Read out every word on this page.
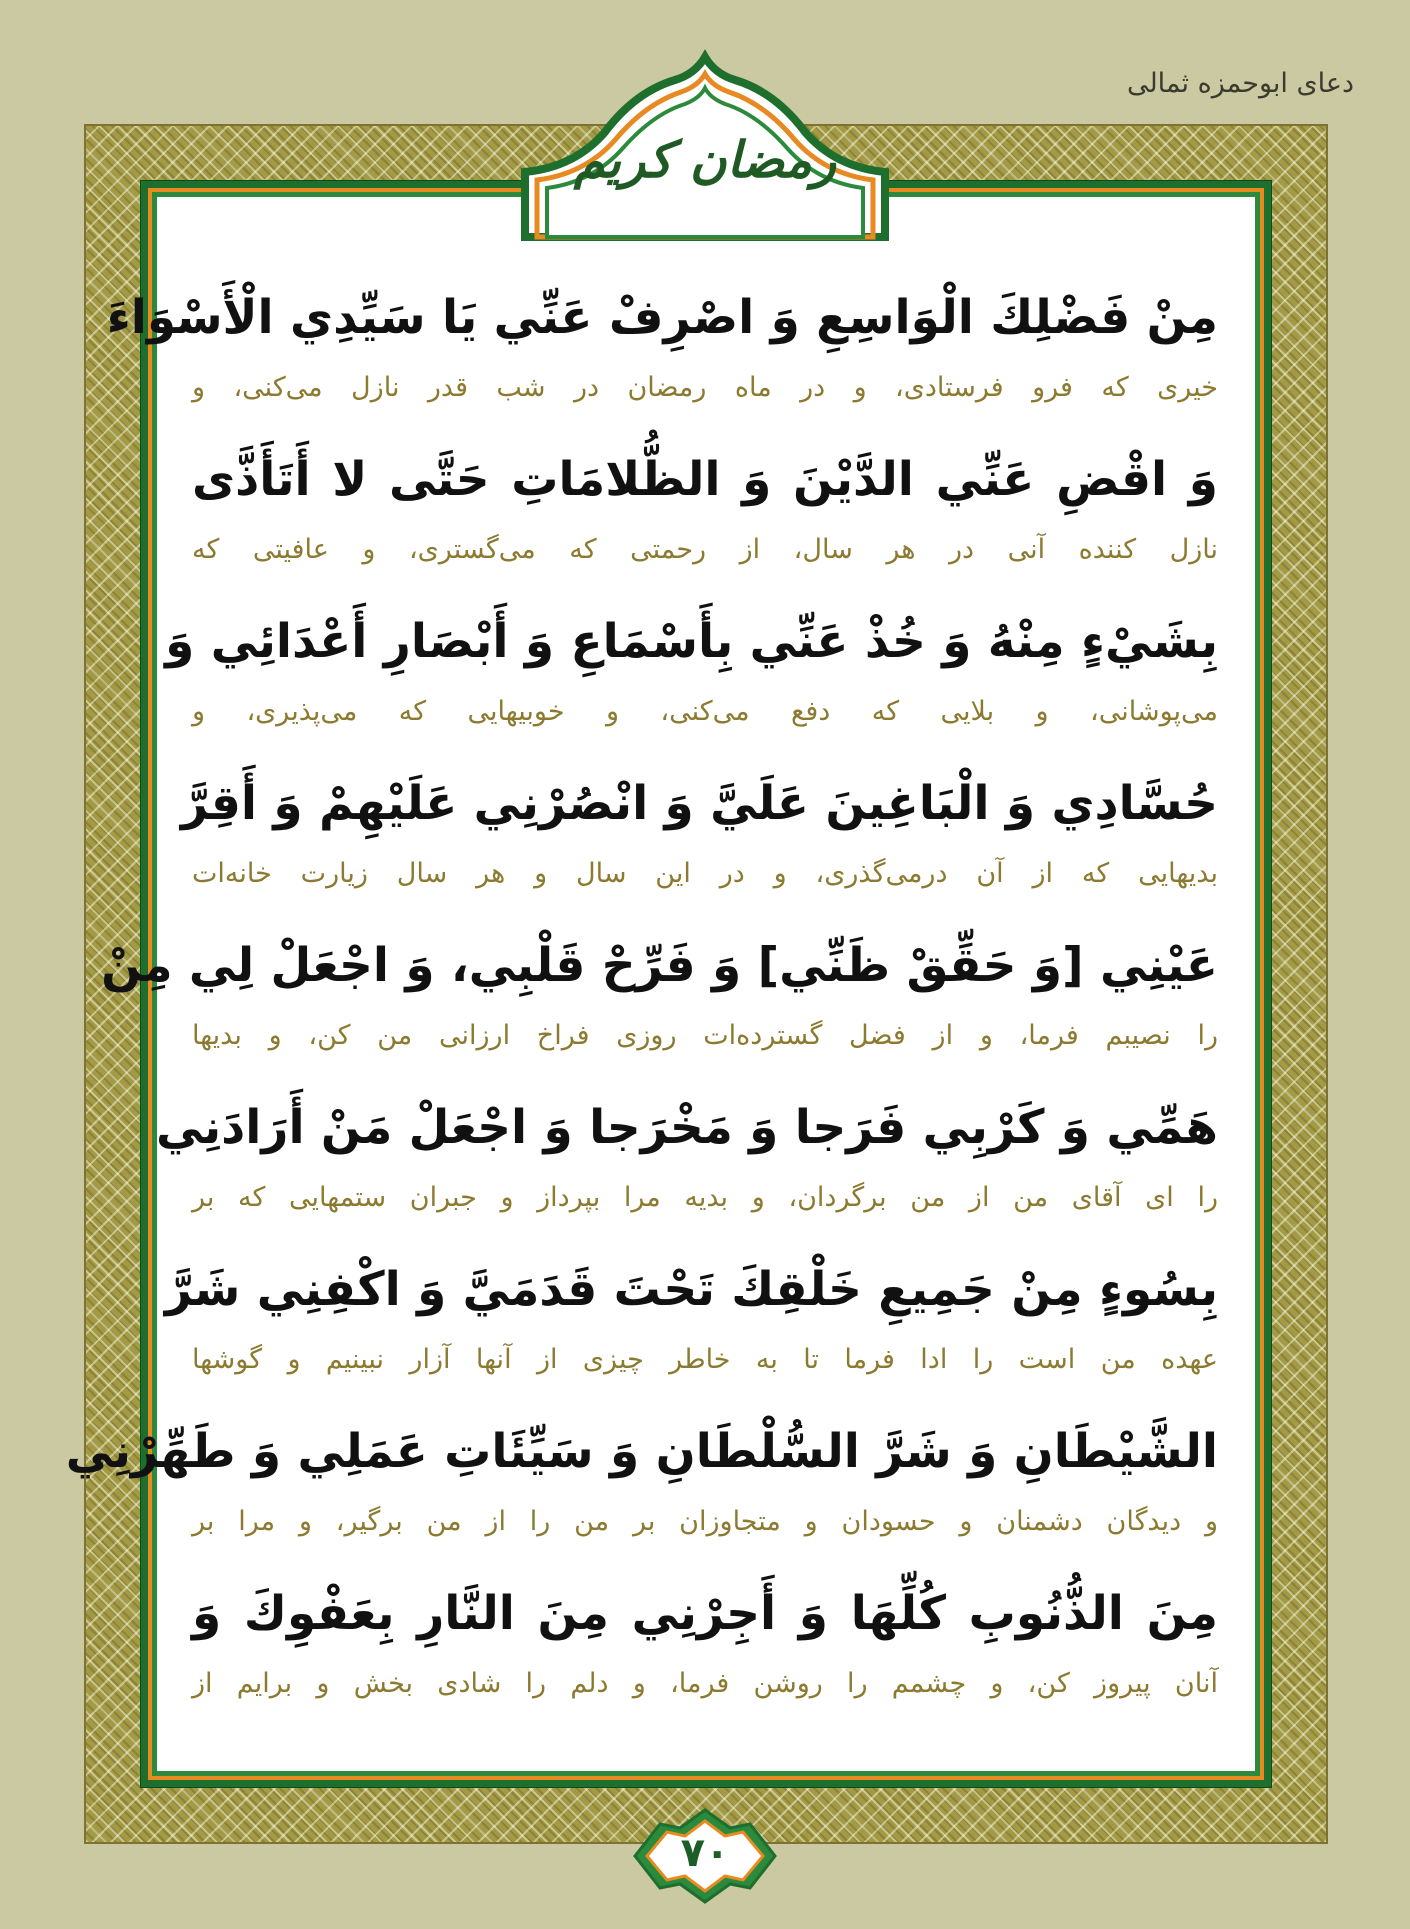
دعای ابوحمزه ثمالی
رمضان کریم
مِنْ فَضْلِكَ الْوَاسِعِ وَ اصْرِفْ عَنِّي يَا سَيِّدِي الْأَسْوَاءَ
خیری که فرو فرستادی، و در ماه رمضان در شب قدر نازل می‌کنی، و
وَ اقْضِ عَنِّي الدَّيْنَ وَ الظُّلامَاتِ حَتَّى لا أَتَأَذَّى
نازل کننده آنی در هر سال، از رحمتی که می‌گستری، و عافیتی که
بِشَيْءٍ مِنْهُ وَ خُذْ عَنِّي بِأَسْمَاعِ وَ أَبْصَارِ أَعْدَائِي وَ
می‌پوشانی، و بلایی که دفع می‌کنی، و خوبیهایی که می‌پذیری، و
حُسَّادِي وَ الْبَاغِينَ عَلَيَّ وَ انْصُرْنِي عَلَيْهِمْ وَ أَقِرَّ
بدیهایی که از آن درمی‌گذری، و در این سال و هر سال زیارت خانه‌ات
عَيْنِي [وَ حَقِّقْ ظَنِّي] وَ فَرِّحْ قَلْبِي، وَ اجْعَلْ لِي مِنْ
را نصیبم فرما، و از فضل گسترده‌ات روزی فراخ ارزانی من کن، و بدیها
هَمِّي وَ كَرْبِي فَرَجا وَ مَخْرَجا وَ اجْعَلْ مَنْ أَرَادَنِي
را ای آقای من از من برگردان، و بدیه مرا بپرداز و جبران ستمهایی که بر
بِسُوءٍ مِنْ جَمِيعِ خَلْقِكَ تَحْتَ قَدَمَيَّ وَ اكْفِنِي شَرَّ
عهده من است را ادا فرما تا به خاطر چیزی از آنها آزار نبینیم و گوشها
الشَّيْطَانِ وَ شَرَّ السُّلْطَانِ وَ سَيِّئَاتِ عَمَلِي وَ طَهِّرْنِي
و دیدگان دشمنان و حسودان و متجاوزان بر من را از من برگیر، و مرا بر
مِنَ الذُّنُوبِ كُلِّهَا وَ أَجِرْنِي مِنَ النَّارِ بِعَفْوِكَ وَ
آنان پیروز کن، و چشمم را روشن فرما، و دلم را شادی بخش و برایم از
۷۰
